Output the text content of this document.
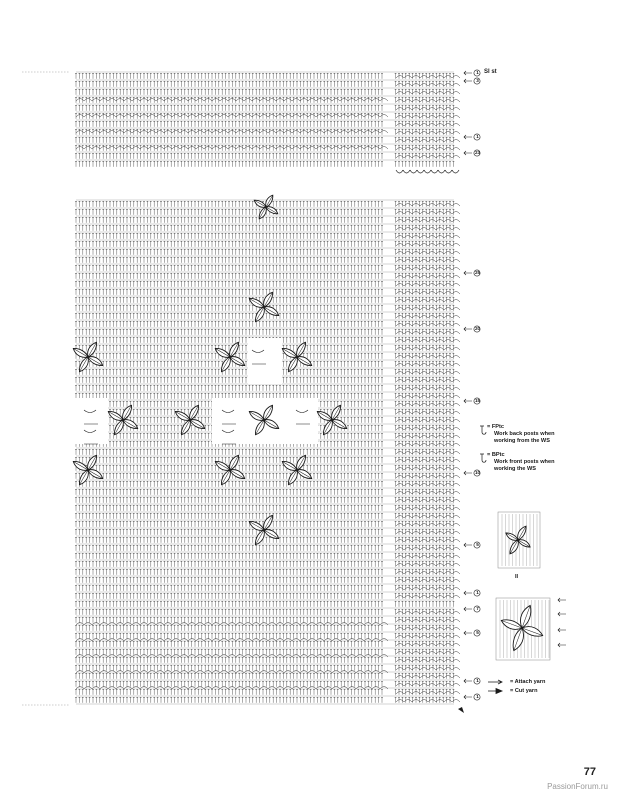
1 Sl st
3
1
23
25
20
15
10
5
1
7
5
1
1
= FPtc
Work back posts when
working from the WS
= BPtc
Work front posts when
working the WS
II
= Attach yarn
= Cut yarn
77
PassionForum.ru
